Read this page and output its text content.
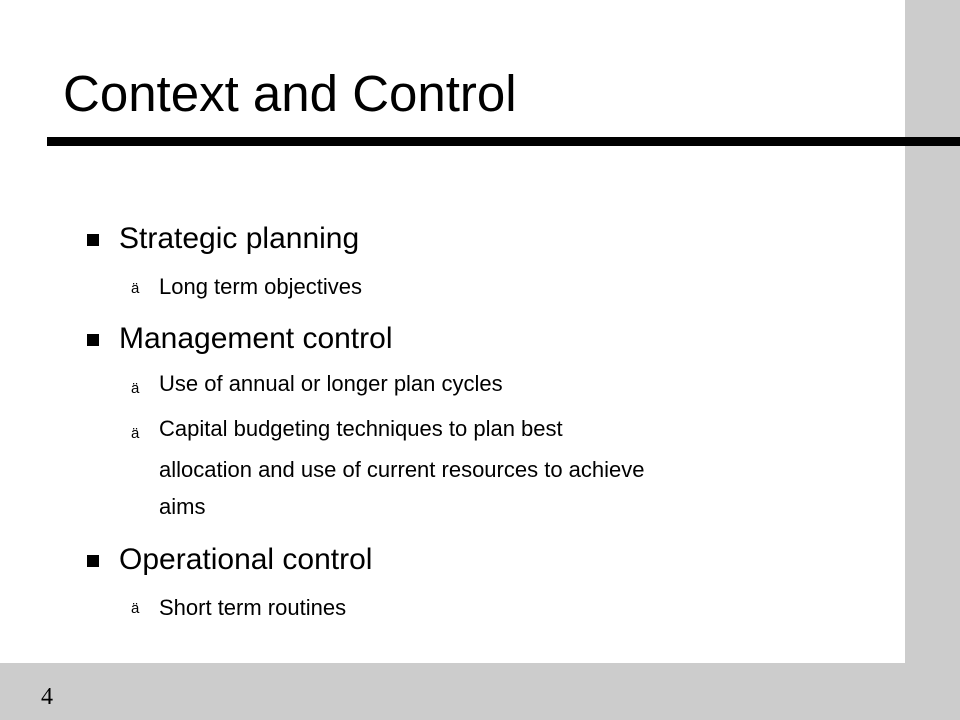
Context and Control
Strategic planning
ä Long term objectives
Management control
ä Use of annual or longer plan cycles
ä Capital budgeting techniques to plan best
allocation and use of current resources to achieve
aims
Operational control
ä Short term routines
4
